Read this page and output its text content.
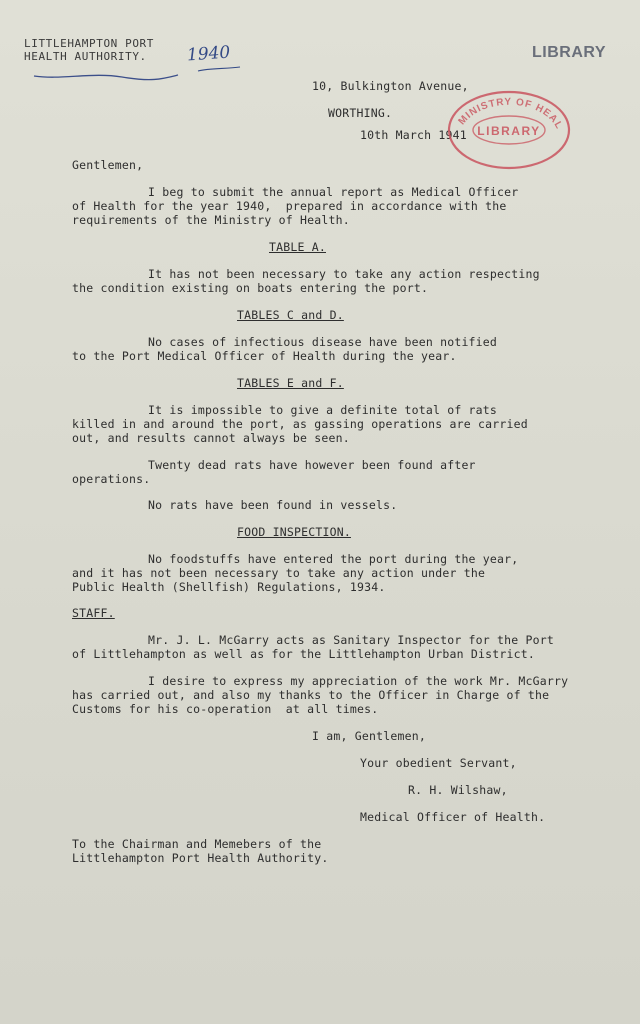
LITTLEHAMPTON PORT
HEALTH AUTHORITY. 1940	LIBRARY
10, Bulkington Avenue,
WORTHING.
10th March 1941
MINISTRY OF HEAL
LIBRARY
Gentlemen,
I beg to submit the annual report as Medical Officer
of Health for the year 1940,  prepared in accordance with the
requirements of the Ministry of Health.
TABLE A.
It has not been necessary to take any action respecting
the condition existing on boats entering the port.
TABLES C and D.
No cases of infectious disease have been notified
to the Port Medical Officer of Health during the year.
TABLES E and F.
It is impossible to give a definite total of rats
killed in and around the port, as gassing operations are carried
out, and results cannot always be seen.
Twenty dead rats have however been found after
operations.
No rats have been found in vessels.
FOOD INSPECTION.
No foodstuffs have entered the port during the year,
and it has not been necessary to take any action under the
Public Health (Shellfish) Regulations, 1934.
STAFF.
Mr. J. L. McGarry acts as Sanitary Inspector for the Port
of Littlehampton as well as for the Littlehampton Urban District.
I desire to express my appreciation of the work Mr. McGarry
has carried out, and also my thanks to the Officer in Charge of the
Customs for his co-operation  at all times.
I am, Gentlemen,
Your obedient Servant,
R. H. Wilshaw,
Medical Officer of Health.
To the Chairman and Memebers of the
Littlehampton Port Health Authority.
